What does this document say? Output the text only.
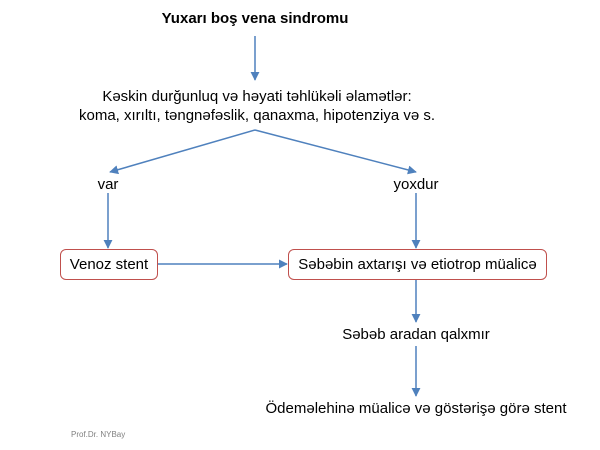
Yuxarı boş vena sindromu
Kəskin durğunluq və həyati təhlükəli əlamətlər:
koma, xırıltı, təngnəfəslik, qanaxma, hipotenziya və s.
var	yoxdur
Venoz stent	Səbəbin axtarışı və etiotrop müalicə
Səbəb aradan qalxmır
Ödeməlehinə müalicə və göstərişə görə stent
Prof.Dr. NYBay
